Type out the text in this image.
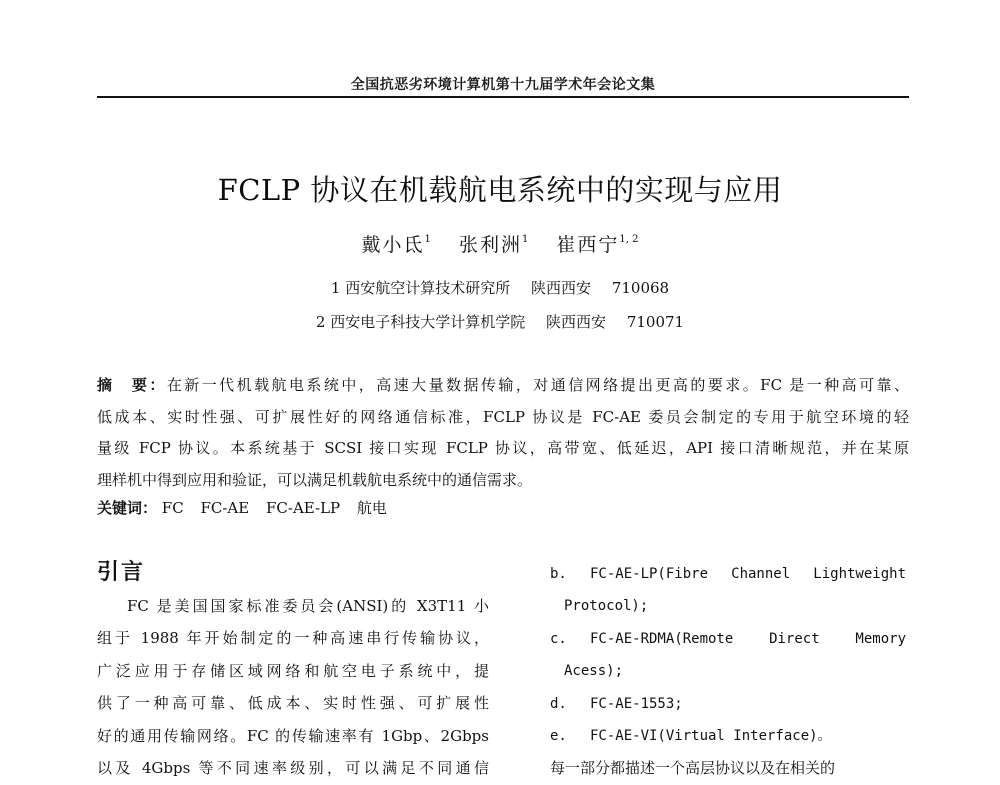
全国抗恶劣环境计算机第十九届学术年会论文集
FCLP 协议在机载航电系统中的实现与应用
戴小氐$^1$ 张利洲$^1$ 崔西宁$^{1, 2}$
1 西安航空计算技术研究所 陕西西安 710068
2 西安电子科技大学计算机学院 陕西西安 710071
摘　要：在新一代机载航电系统中，高速大量数据传输，对通信网络提出更高的要求。FC 是一种高可靠、
低成本、实时性强、可扩展性好的网络通信标准，FCLP 协议是 FC-AE 委员会制定的专用于航空环境的轻
量级 FCP 协议。本系统基于 SCSI 接口实现 FCLP 协议，高带宽、低延迟，API 接口清晰规范，并在某原
理样机中得到应用和验证，可以满足机载航电系统中的通信需求。
关键词： FC FC-AE FC-AE-LP 航电
引言
FC 是美国国家标准委员会(ANSI)的 X3T11 小
组于 1988 年开始制定的一种高速串行传输协议，
广泛应用于存储区域网络和航空电子系统中，提
供了一种高可靠、低成本、实时性强、可扩展性
好的通用传输网络。FC 的传输速率有 1Gbp、2Gbps
以及 4Gbps 等不同速率级别，可以满足不同通信
b. FC-AE-LP(Fibre Channel Lightweight
Protocol);
c. FC-AE-RDMA(Remote Direct Memory
Acess);
d. FC-AE-1553;
e. FC-AE-VI(Virtual Interface)。
每一部分都描述一个高层协议以及在相关的
